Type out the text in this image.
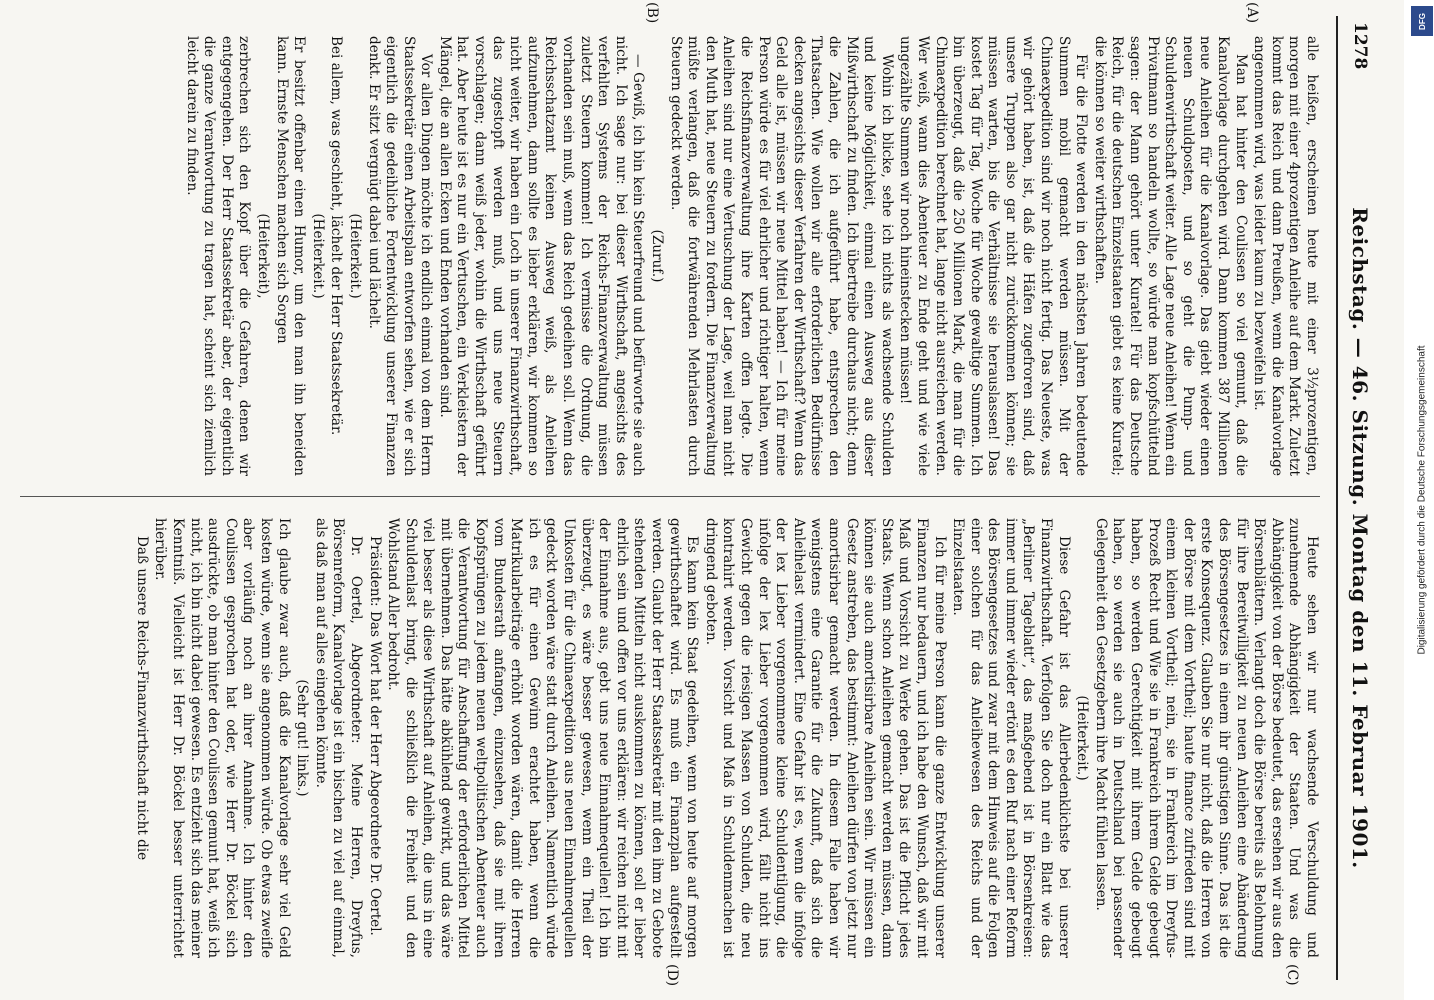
1278
Reichstag. — 46. Sitzung. Montag den 11. Februar 1901.
(A)
(B)
(C)
(D)

alle heißen, erscheinen heute mit einer 3½prozentigen, morgen mit einer 4prozentigen Anleihe auf dem Markt. Zuletzt kommt das Reich und dann Preußen, wenn die Kanalvorlage angenommen wird, was leider kaum zu bezweifeln ist.

Man hat hinter den Coulissen so viel gemunt, daß die Kanalvorlage durchgehen wird. Dann kommen 387 Millionen neue Anleihen für die Kanalvorlage. Das giebt wieder einen neuen Schuldposten, und so geht die Pump- und Schuldenwirthschaft weiter. Alle Lage neue Anleihen! Wenn ein Privatmann so handeln wollte, so würde man kopfschüttelnd sagen: der Mann gehört unter Kuratel! Für das Deutsche Reich, für die deutschen Einzelstaaten giebt es keine Kuratel; die können so weiter wirthschaften.

Für die Flotte werden in den nächsten Jahren bedeutende Summen mobil gemacht werden müssen. Mit der Chinaexpedition sind wir noch nicht fertig. Das Neueste, was wir gehört haben, ist, daß die Häfen zugefroren sind, daß unsere Truppen also gar nicht zurückkommen können; sie müssen warten, bis die Verhältnisse sie herauslassen! Das kostet Tag für Tag, Woche für Woche gewaltige Summen. Ich bin überzeugt, daß die 250 Millionen Mark, die man für die Chinaexpedition berechnet hat, lange nicht ausreichen werden. Wer weiß, wann dies Abenteuer zu Ende geht und wie viele ungezählte Summen wir noch hineinstecken müssen!

Wohin ich blicke, sehe ich nichts als wachsende Schulden und keine Möglichkeit, einmal einen Ausweg aus dieser Mißwirthschaft zu finden. Ich übertreibe durchaus nicht; denn die Zahlen, die ich aufgeführt habe, entsprechen den Thatsachen. Wie wollen wir alle erforderlichen Bedürfnisse decken angesichts dieser Verfahren der Wirthschaft? Wenn das Geld alle ist, müssen wir neue Mittel haben! — Ich für meine Person würde es für viel ehrlicher und richtiger halten, wenn die Reichsfinanzverwaltung ihre Karten offen legte. Die Anleihen sind nur eine Vertuschung der Lage, weil man nicht den Muth hat, neue Steuern zu fordern. Die Finanzverwaltung müßte verlangen, daß die fortwährenden Mehrlasten durch Steuern gedeckt werden.

(Zuruf.)

— Gewiß, ich bin kein Steuerfreund und befürworte sie auch nicht. Ich sage nur: bei dieser Wirthschaft, angesichts des verfehlten Systems der Reichs-Finanzverwaltung müssen zuletzt Steuern kommen! Ich vermisse die Ordnung, die vorhanden sein muß, wenn das Reich gedeihen soll. Wenn das Reichsschatzamt keinen Ausweg weiß, als Anleihen aufzunehmen, dann sollte es lieber erklären, wir kommen so nicht weiter, wir haben ein Loch in unserer Finanzwirthschaft, das zugestopft werden muß, und uns neue Steuern vorschlagen; dann weiß jeder, wohin die Wirthschaft geführt hat. Aber heute ist es nur ein Vertuschen, ein Verkleistern der Mängel, die an allen Ecken und Enden vorhanden sind.

Vor allen Dingen möchte ich endlich einmal von dem Herrn Staatssekretär einen Arbeitsplan entworfen sehen, wie er sich eigentlich die gedeihliche Fortentwicklung unserer Finanzen denkt. Er sitzt vergnügt dabei und lächelt.

(Heiterkeit.)

Bei allem, was geschieht, lächelt der Herr Staatssekretär.

(Heiterkeit.)

Er besitzt offenbar einen Humor, um den man ihn beneiden kann. Ernste Menschen machen sich Sorgen

(Heiterkeit),

zerbrechen sich den Kopf über die Gefahren, denen wir entgegengehen. Der Herr Staatssekretär aber, der eigentlich die ganze Verantwortung zu tragen hat, scheint sich ziemlich leicht darein zu finden.

Heute sehen wir nur wachsende Verschuldung und zunehmende Abhängigkeit der Staaten. Und was die Abhängigkeit von der Börse bedeutet, das ersehen wir aus den Börsenblättern. Verlangt doch die Börse bereits als Belohnung für ihre Bereitwilligkeit zu neuen Anleihen eine Abänderung des Börsengesetzes in einem ihr günstigen Sinne. Das ist die erste Konsequenz. Glauben Sie nur nicht, daß die Herren von der Börse mit dem Vortheil; haute finance zufrieden sind mit einem kleinen Vortheil; nein, sie in Frankreich im Dreyfus-Prozeß Recht und Wie sie in Frankreich ihrem Gelde gebeugt haben, so werden Gerechtigkeit mit ihrem Gelde gebeugt haben, so werden sie auch in Deutschland bei passender Gelegenheit den Gesetzgebern ihre Macht fühlen lassen.

(Heiterkeit.)

Diese Gefahr ist das Allerbedenklichste bei unserer Finanzwirthschaft. Verfolgen Sie doch nur ein Blatt wie das „Berliner Tageblatt“, das maßgebend ist in Börsenkreisen: immer und immer wieder ertönt es den Ruf nach einer Reform des Börsengesetzes und zwar mit dem Hinweis auf die Folgen einer solchen für das Anleihewesen des Reichs und der Einzelstaaten.

Ich für meine Person kann die ganze Entwicklung unserer Finanzen nur bedauern, und ich habe den Wunsch, daß wir mit Maß und Vorsicht zu Werke gehen. Das ist die Pflicht jedes Staats. Wenn schon Anleihen gemacht werden müssen, dann können sie auch amortisirbare Anleihen sein. Wir müssen ein Gesetz anstreben, das bestimmt: Anleihen dürfen von jetzt nur amortisirbar gemacht werden. In diesem Falle haben wir wenigstens eine Garantie für die Zukunft, daß sich die Anleihelast vermindert. Eine Gefahr ist es, wenn die infolge der lex Lieber vorgenommene kleine Schuldentilgung, die infolge der lex Lieber vorgenommen wird, fällt nicht ins Gewicht gegen die riesigen Massen von Schulden, die neu kontrahirt werden. Vorsicht und Maß in Schuldenmachen ist dringend geboten.

Es kann kein Staat gedeihen, wenn von heute auf morgen gewirthschaftet wird. Es muß ein Finanzplan aufgestellt werden. Glaubt der Herr Staatssekretär mit den ihm zu Gebote stehenden Mitteln nicht auskommen zu können, soll er lieber ehrlich sein und offen vor uns erklären: wir reichen nicht mit der Einnahme aus, gebt uns neue Einnahmequellen! Ich bin überzeugt, es wäre besser gewesen, wenn ein Theil der Unkosten für die Chinaexpedition aus neuen Einnahmequellen gedeckt worden wäre statt durch Anleihen. Namentlich würde ich es für einen Gewinn erachtet haben, wenn die Matrikularbeiträge erhöht worden wären, damit die Herren vom Bundesrath anfangen, einzusehen, daß sie mit ihren Kopfsprüngen zu jedem neuen weltpolitischen Abenteuer auch die Verantwortung für Anschaffung der erforderlichen Mittel mit übernehmen. Das hätte abkühlend gewirkt, und das wäre viel besser als diese Wirthschaft auf Anleihen, die uns in eine Schuldenlast bringt, die schließlich die Freiheit und den Wohlstand Aller bedroht.

Präsident: Das Wort hat der Herr Abgeordnete Dr. Oertel.

Dr. Oertel, Abgeordneter: Meine Herren, Dreyfus, Börsenreform, Kanalvorlage ist ein bischen zu viel auf einmal, als daß man auf alles eingehen könnte.

(Sehr gut! links.)

Ich glaube zwar auch, daß die Kanalvorlage sehr viel Geld kosten würde, wenn sie angenommen würde. Ob etwas zweifle aber vorläufig noch an ihrer Annahme. Ich hinter den Coulissen gesprochen hat oder, wie Herr Dr. Böckel sich ausdrückte, ob man hinter den Coulissen gemunt hat, weiß ich nicht, ich bin nicht dabei gewesen. Es entzieht sich das meiner Kenntniß. Vielleicht ist Herr Dr. Böckel besser unterrichtet hierüber.

Daß unsere Reichs-Finanzwirthschaft nicht die

DFG
Digitalisierung gefördert durch die Deutsche Forschungsgemeinschaft
